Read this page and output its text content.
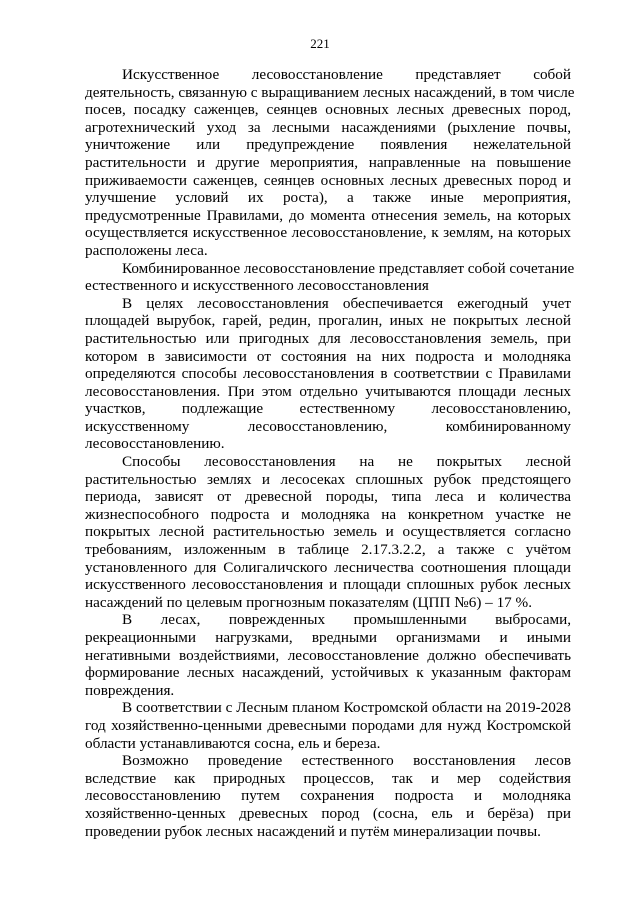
221
Искусственное лесовосстановление представляет собой
деятельность, связанную с выращиванием лесных насаждений, в том числе
посев, посадку саженцев, сеянцев основных лесных древесных пород,
агротехнический уход за лесными насаждениями (рыхление почвы,
уничтожение или предупреждение появления нежелательной
растительности и другие мероприятия, направленные на повышение
приживаемости саженцев, сеянцев основных лесных древесных пород и
улучшение условий их роста), а также иные мероприятия,
предусмотренные Правилами, до момента отнесения земель, на которых
осуществляется искусственное лесовосстановление, к землям, на которых
расположены леса.
Комбинированное лесовосстановление представляет собой сочетание
естественного и искусственного лесовосстановления
В целях лесовосстановления обеспечивается ежегодный учет
площадей вырубок, гарей, редин, прогалин, иных не покрытых лесной
растительностью или пригодных для лесовосстановления земель, при
котором в зависимости от состояния на них подроста и молодняка
определяются способы лесовосстановления в соответствии с Правилами
лесовосстановления. При этом отдельно учитываются площади лесных
участков, подлежащие естественному лесовосстановлению,
искусственному лесовосстановлению, комбинированному
лесовосстановлению.
Способы лесовосстановления на не покрытых лесной
растительностью землях и лесосеках сплошных рубок предстоящего
периода, зависят от древесной породы, типа леса и количества
жизнеспособного подроста и молодняка на конкретном участке не
покрытых лесной растительностью земель и осуществляется согласно
требованиям, изложенным в таблице 2.17.3.2.2, а также с учётом
установленного для Солигаличского лесничества соотношения площади
искусственного лесовосстановления и площади сплошных рубок лесных
насаждений по целевым прогнозным показателям (ЦПП №6) – 17 %.
В лесах, поврежденных промышленными выбросами,
рекреационными нагрузками, вредными организмами и иными
негативными воздействиями, лесовосстановление должно обеспечивать
формирование лесных насаждений, устойчивых к указанным факторам
повреждения.
В соответствии с Лесным планом Костромской области на 2019-2028
год хозяйственно-ценными древесными породами для нужд Костромской
области устанавливаются сосна, ель и береза.
Возможно проведение естественного восстановления лесов
вследствие как природных процессов, так и мер содействия
лесовосстановлению путем сохранения подроста и молодняка
хозяйственно-ценных древесных пород (сосна, ель и берёза) при
проведении рубок лесных насаждений и путём минерализации почвы.
